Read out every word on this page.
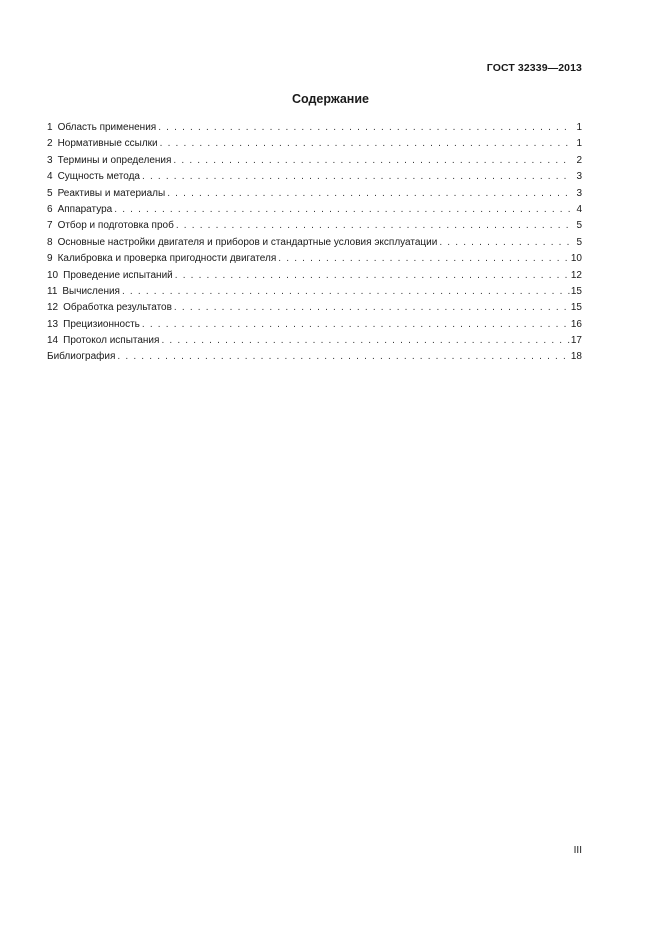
ГОСТ 32339—2013
Содержание
1 Область применения . . .	1
2 Нормативные ссылки . . .	1
3 Термины и определения . . .	2
4 Сущность метода . . .	3
5 Реактивы и материалы . . .	3
6 Аппаратура . . .	4
7 Отбор и подготовка проб . . .	5
8 Основные настройки двигателя и приборов и стандартные условия эксплуатации . . .	5
9 Калибровка и проверка пригодности двигателя . . .	10
10 Проведение испытаний . . .	12
11 Вычисления . . .	15
12 Обработка результатов . . .	15
13 Прецизионность . . .	16
14 Протокол испытания . . .	17
Библиография . . .	18
III
